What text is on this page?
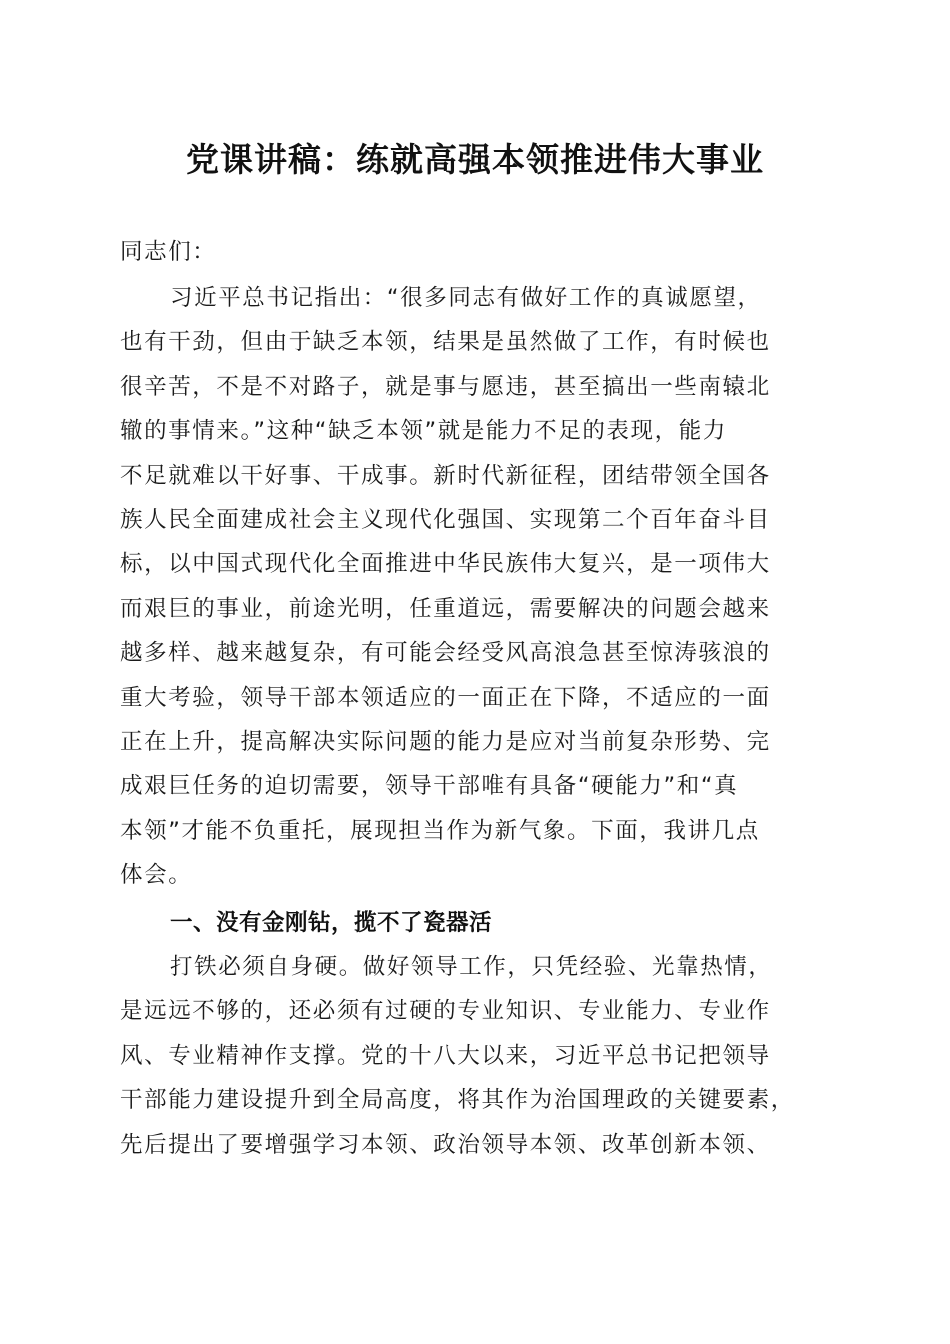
党课讲稿：练就高强本领推进伟大事业
同志们：
习近平总书记指出：“很多同志有做好工作的真诚愿望，
也有干劲，但由于缺乏本领，结果是虽然做了工作，有时候也
很辛苦，不是不对路子，就是事与愿违，甚至搞出一些南辕北
辙的事情来。”这种“缺乏本领”就是能力不足的表现，能力
不足就难以干好事、干成事。新时代新征程，团结带领全国各
族人民全面建成社会主义现代化强国、实现第二个百年奋斗目
标，以中国式现代化全面推进中华民族伟大复兴，是一项伟大
而艰巨的事业，前途光明，任重道远，需要解决的问题会越来
越多样、越来越复杂，有可能会经受风高浪急甚至惊涛骇浪的
重大考验，领导干部本领适应的一面正在下降，不适应的一面
正在上升，提高解决实际问题的能力是应对当前复杂形势、完
成艰巨任务的迫切需要，领导干部唯有具备“硬能力”和“真
本领”才能不负重托，展现担当作为新气象。下面，我讲几点
体会。
一、没有金刚钻，揽不了瓷器活
打铁必须自身硬。做好领导工作，只凭经验、光靠热情，
是远远不够的，还必须有过硬的专业知识、专业能力、专业作
风、专业精神作支撑。党的十八大以来，习近平总书记把领导
干部能力建设提升到全局高度，将其作为治国理政的关键要素，
先后提出了要增强学习本领、政治领导本领、改革创新本领、
